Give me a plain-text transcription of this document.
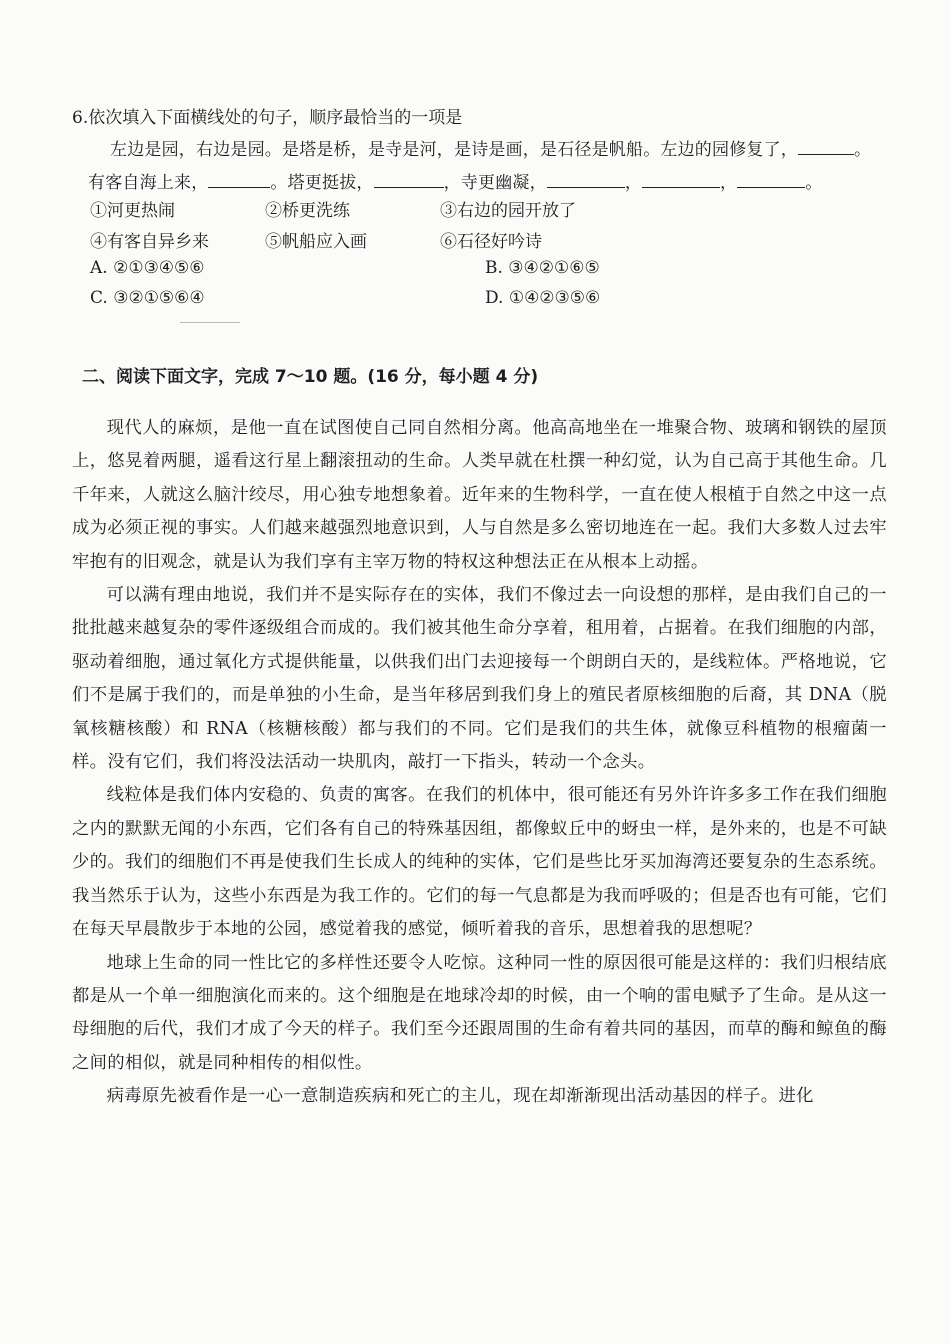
6.依次填入下面横线处的句子，顺序最恰当的一项是
左边是园，右边是园。是塔是桥，是寺是河，是诗是画，是石径是帆船。左边的园修复了，	。
有客自海上来，	。塔更挺拔，	，寺更幽凝，	，	，	。
①河更热闹	②桥更洗练	③右边的园开放了
④有客自异乡来	⑤帆船应入画	⑥石径好吟诗
A. ②①③④⑤⑥	B. ③④②①⑥⑤
C. ③②①⑤⑥④	D. ①④②③⑤⑥
二、阅读下面文字，完成 7～10 题。(16 分，每小题 4 分)

现代人的麻烦，是他一直在试图使自己同自然相分离。他高高地坐在一堆聚合物、玻璃和钢铁的屋顶上，悠晃着两腿，遥看这行星上翻滚扭动的生命。人类早就在杜撰一种幻觉，认为自己高于其他生命。几千年来，人就这么脑汁绞尽，用心独专地想象着。近年来的生物科学，一直在使人根植于自然之中这一点成为必须正视的事实。人们越来越强烈地意识到，人与自然是多么密切地连在一起。我们大多数人过去牢牢抱有的旧观念，就是认为我们享有主宰万物的特权这种想法正在从根本上动摇。

可以满有理由地说，我们并不是实际存在的实体，我们不像过去一向设想的那样，是由我们自己的一批批越来越复杂的零件逐级组合而成的。我们被其他生命分享着，租用着，占据着。在我们细胞的内部，驱动着细胞，通过氧化方式提供能量，以供我们出门去迎接每一个朗朗白天的，是线粒体。严格地说，它们不是属于我们的，而是单独的小生命，是当年移居到我们身上的殖民者原核细胞的后裔，其 DNA（脱氧核糖核酸）和 RNA（核糖核酸）都与我们的不同。它们是我们的共生体，就像豆科植物的根瘤菌一样。没有它们，我们将没法活动一块肌肉，敲打一下指头，转动一个念头。

线粒体是我们体内安稳的、负责的寓客。在我们的机体中，很可能还有另外许许多多工作在我们细胞之内的默默无闻的小东西，它们各有自己的特殊基因组，都像蚁丘中的蚜虫一样，是外来的，也是不可缺少的。我们的细胞们不再是使我们生长成人的纯种的实体，它们是些比牙买加海湾还要复杂的生态系统。我当然乐于认为，这些小东西是为我工作的。它们的每一气息都是为我而呼吸的；但是否也有可能，它们在每天早晨散步于本地的公园，感觉着我的感觉，倾听着我的音乐，思想着我的思想呢？

地球上生命的同一性比它的多样性还要令人吃惊。这种同一性的原因很可能是这样的：我们归根结底都是从一个单一细胞演化而来的。这个细胞是在地球冷却的时候，由一个响的雷电赋予了生命。是从这一母细胞的后代，我们才成了今天的样子。我们至今还跟周围的生命有着共同的基因，而草的酶和鲸鱼的酶之间的相似，就是同种相传的相似性。

病毒原先被看作是一心一意制造疾病和死亡的主儿，现在却渐渐现出活动基因的样子。进化
